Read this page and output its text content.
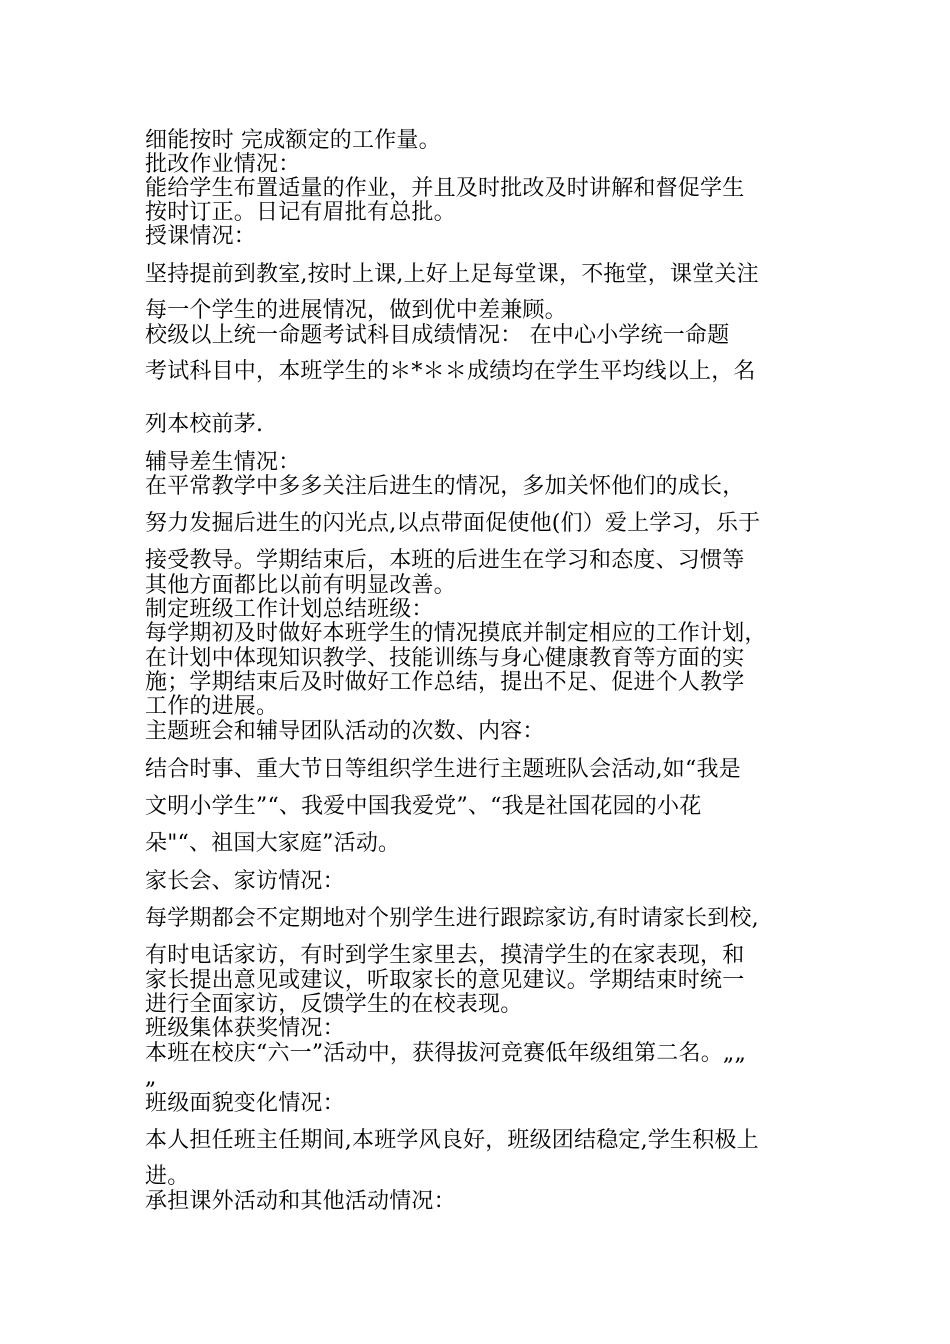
细能按时 完成额定的工作量。
批改作业情况：
能给学生布置适量的作业，并且及时批改及时讲解和督促学生
按时订正。日记有眉批有总批。
授课情况：
坚持提前到教室,按时上课,上好上足每堂课，不拖堂，课堂关注
每一个学生的进展情况，做到优中差兼顾。
校级以上统一命题考试科目成绩情况： 在中心小学统一命题
考试科目中，本班学生的＊*＊＊成绩均在学生平均线以上，名
列本校前茅.
辅导差生情况：
在平常教学中多多关注后进生的情况，多加关怀他们的成长，
努力发掘后进生的闪光点,以点带面促使他(们）爱上学习，乐于
接受教导。学期结束后，本班的后进生在学习和态度、习惯等
其他方面都比以前有明显改善。
制定班级工作计划总结班级：
每学期初及时做好本班学生的情况摸底并制定相应的工作计划，
在计划中体现知识教学、技能训练与身心健康教育等方面的实
施；学期结束后及时做好工作总结，提出不足、促进个人教学
工作的进展。
主题班会和辅导团队活动的次数、内容：
结合时事、重大节日等组织学生进行主题班队会活动,如“我是
文明小学生”“、我爱中国我爱党”、“我是社国花园的小花
朵"“、祖国大家庭”活动。
家长会、家访情况：
每学期都会不定期地对个别学生进行跟踪家访,有时请家长到校,
有时电话家访，有时到学生家里去，摸清学生的在家表现，和
家长提出意见或建议，听取家长的意见建议。学期结束时统一
进行全面家访，反馈学生的在校表现。
班级集体获奖情况：
本班在校庆“六一”活动中，获得拔河竞赛低年级组第二名。„„
„
班级面貌变化情况：
本人担任班主任期间,本班学风良好，班级团结稳定,学生积极上
进。
承担课外活动和其他活动情况：
